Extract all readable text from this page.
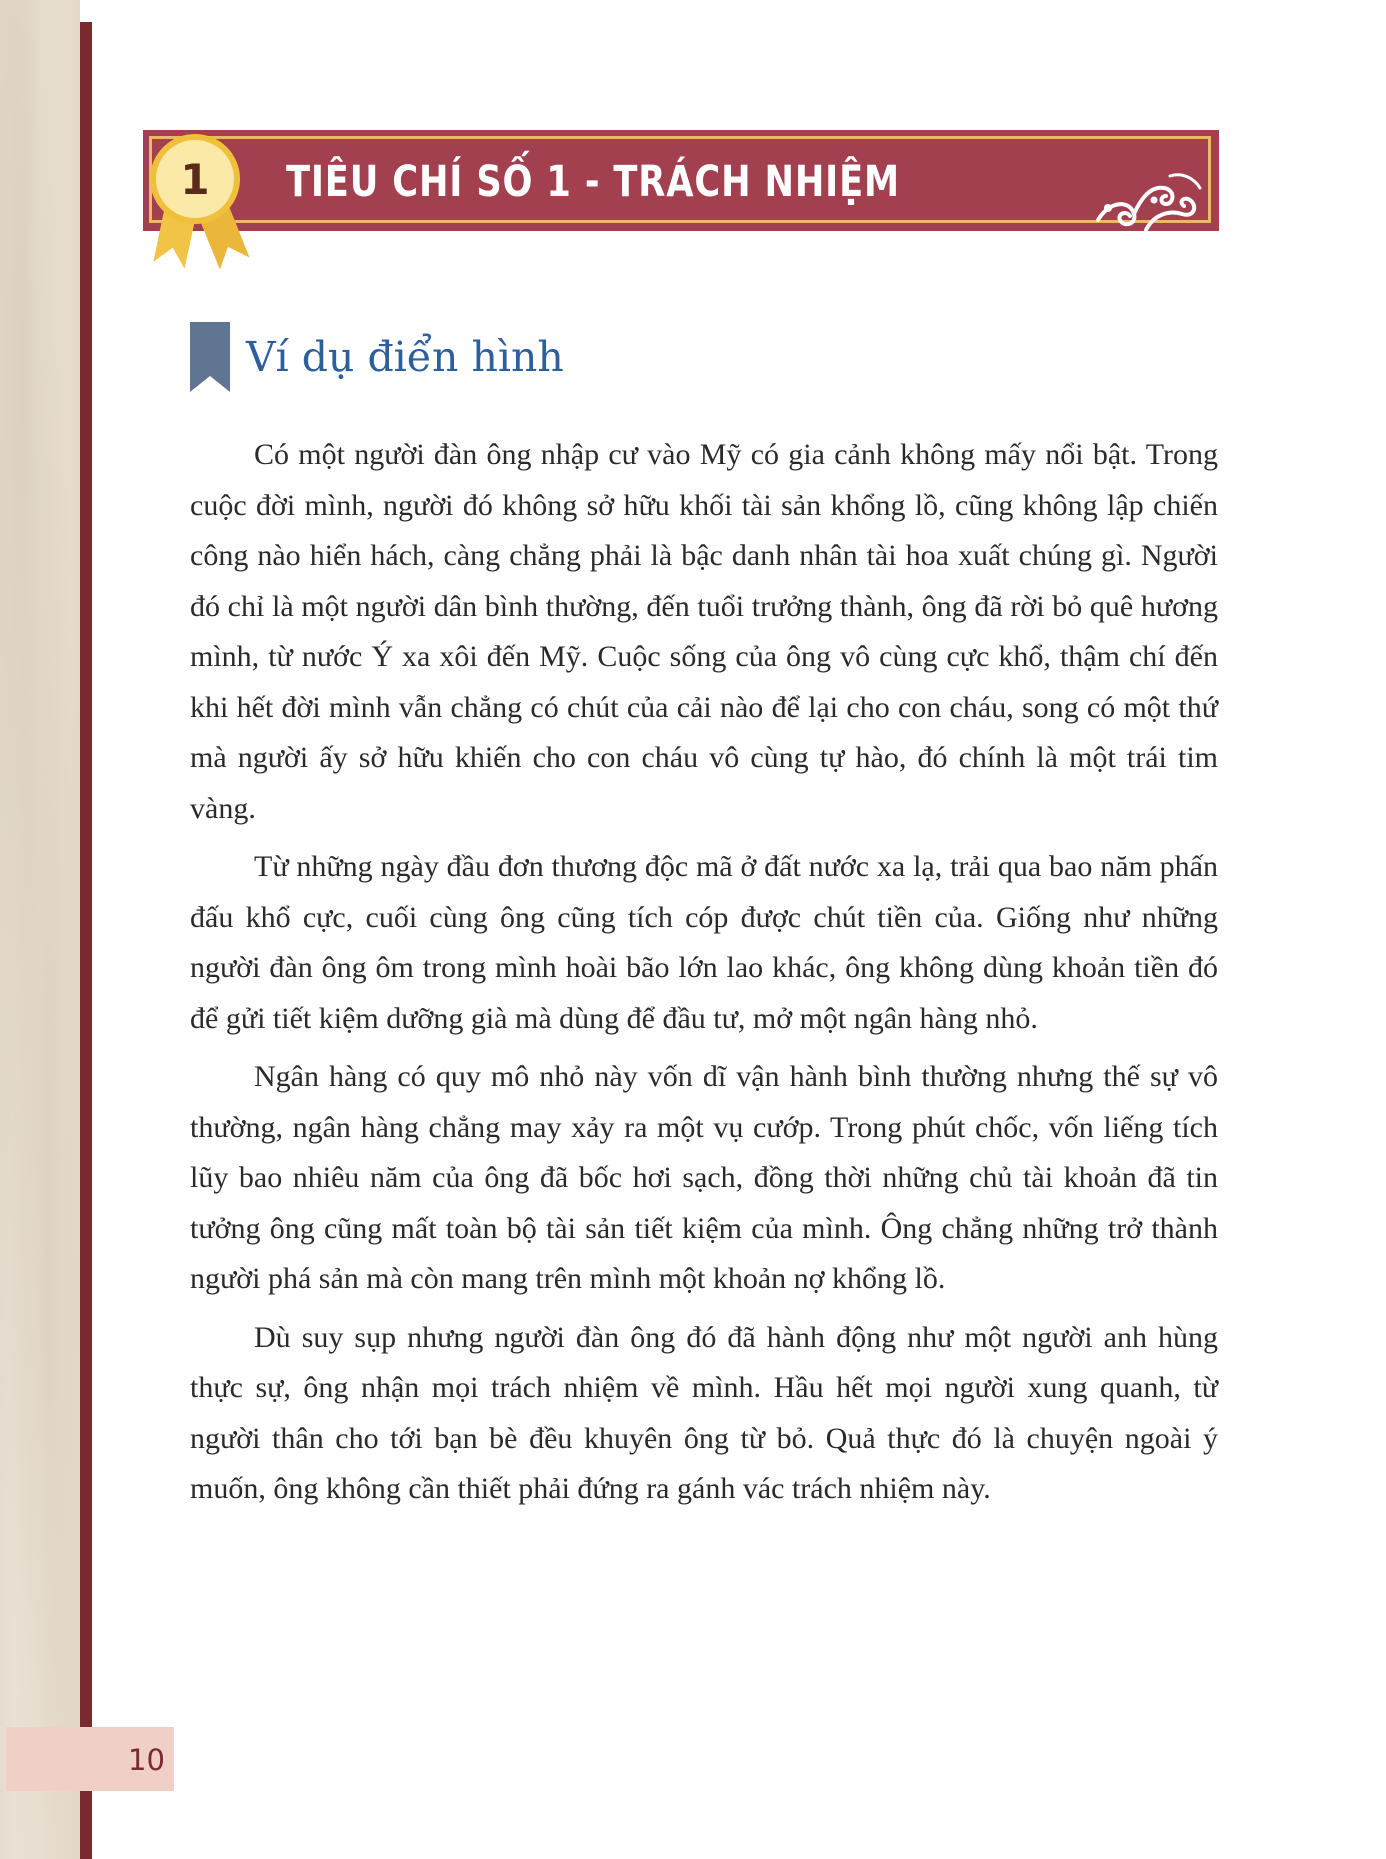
1 TIÊU CHÍ SỐ 1 - TRÁCH NHIỆM
Ví dụ điển hình

Có một người đàn ông nhập cư vào Mỹ có gia cảnh không mấy nổi bật. Trong cuộc đời mình, người đó không sở hữu khối tài sản khổng lồ, cũng không lập chiến công nào hiển hách, càng chẳng phải là bậc danh nhân tài hoa xuất chúng gì. Người đó chỉ là một người dân bình thường, đến tuổi trưởng thành, ông đã rời bỏ quê hương mình, từ nước Ý xa xôi đến Mỹ. Cuộc sống của ông vô cùng cực khổ, thậm chí đến khi hết đời mình vẫn chẳng có chút của cải nào để lại cho con cháu, song có một thứ mà người ấy sở hữu khiến cho con cháu vô cùng tự hào, đó chính là một trái tim vàng.

Từ những ngày đầu đơn thương độc mã ở đất nước xa lạ, trải qua bao năm phấn đấu khổ cực, cuối cùng ông cũng tích cóp được chút tiền của. Giống như những người đàn ông ôm trong mình hoài bão lớn lao khác, ông không dùng khoản tiền đó để gửi tiết kiệm dưỡng già mà dùng để đầu tư, mở một ngân hàng nhỏ.

Ngân hàng có quy mô nhỏ này vốn dĩ vận hành bình thường nhưng thế sự vô thường, ngân hàng chẳng may xảy ra một vụ cướp. Trong phút chốc, vốn liếng tích lũy bao nhiêu năm của ông đã bốc hơi sạch, đồng thời những chủ tài khoản đã tin tưởng ông cũng mất toàn bộ tài sản tiết kiệm của mình. Ông chẳng những trở thành người phá sản mà còn mang trên mình một khoản nợ khổng lồ.

Dù suy sụp nhưng người đàn ông đó đã hành động như một người anh hùng thực sự, ông nhận mọi trách nhiệm về mình. Hầu hết mọi người xung quanh, từ người thân cho tới bạn bè đều khuyên ông từ bỏ. Quả thực đó là chuyện ngoài ý muốn, ông không cần thiết phải đứng ra gánh vác trách nhiệm này.

10
